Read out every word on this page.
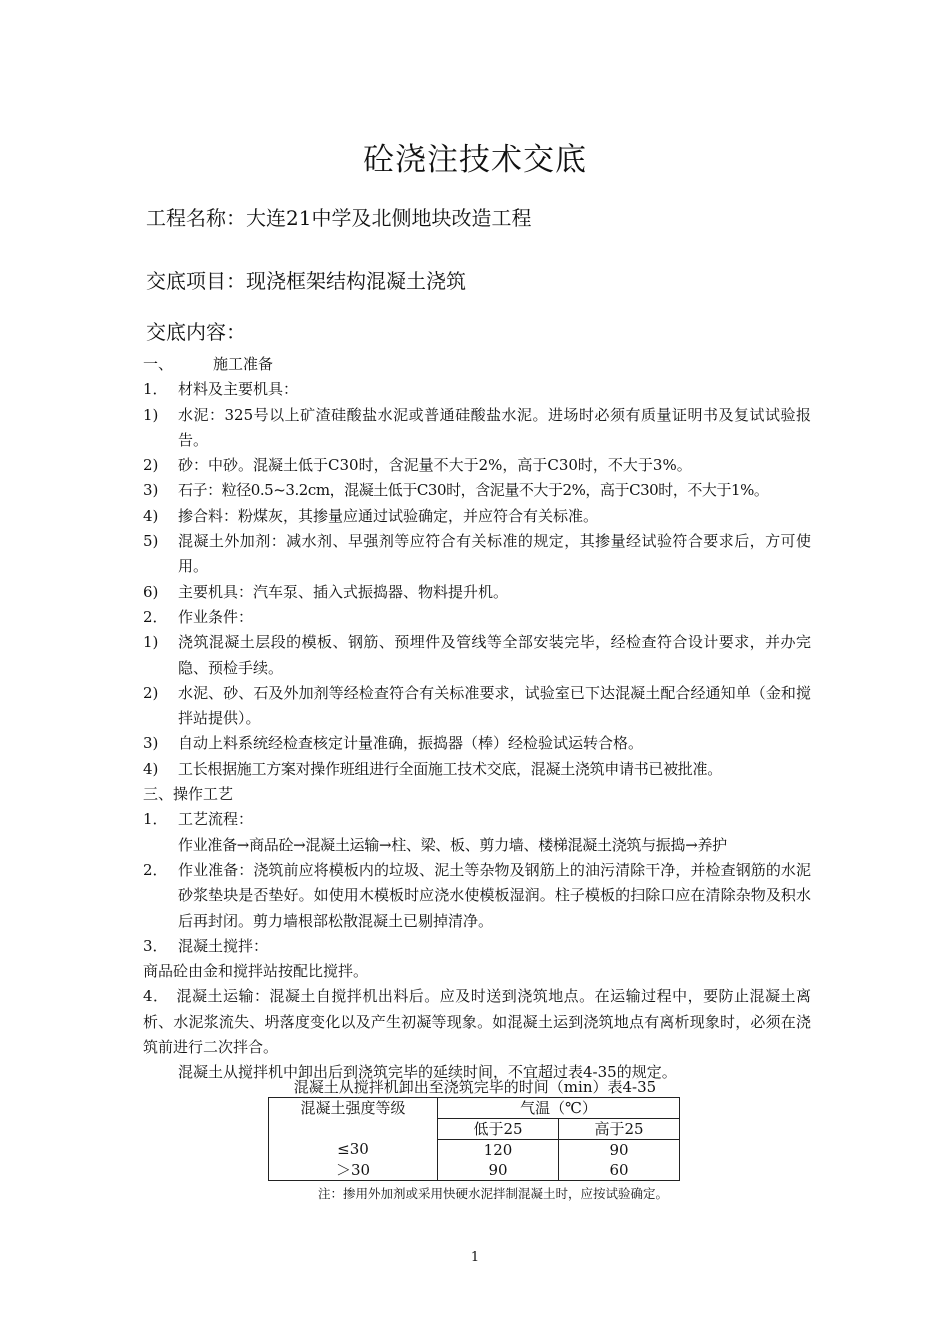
砼浇注技术交底
工程名称：大连21中学及北侧地块改造工程
交底项目：现浇框架结构混凝土浇筑
交底内容：
一、	施工准备
1． 材料及主要机具：
1) 水泥：325号以上矿渣硅酸盐水泥或普通硅酸盐水泥。进场时必须有质量证明书及复试试验报告。
2) 砂：中砂。混凝土低于C30时，含泥量不大于2%，高于C30时，不大于3%。
3) 石子：粒径0.5~3.2cm，混凝土低于C30时，含泥量不大于2%，高于C30时，不大于1%。
4) 掺合料：粉煤灰，其掺量应通过试验确定，并应符合有关标准。
5) 混凝土外加剂：减水剂、早强剂等应符合有关标准的规定，其掺量经试验符合要求后，方可使用。
6) 主要机具：汽车泵、插入式振捣器、物料提升机。
2． 作业条件：
1) 浇筑混凝土层段的模板、钢筋、预埋件及管线等全部安装完毕，经检查符合设计要求，并办完隐、预检手续。
2) 水泥、砂、石及外加剂等经检查符合有关标准要求，试验室已下达混凝土配合经通知单（金和搅拌站提供）。
3) 自动上料系统经检查核定计量准确，振捣器（棒）经检验试运转合格。
4) 工长根据施工方案对操作班组进行全面施工技术交底，混凝土浇筑申请书已被批准。
三、操作工艺
1． 工艺流程：
作业准备→商品砼→混凝土运输→柱、梁、板、剪力墙、楼梯混凝土浇筑与振捣→养护
2． 作业准备：浇筑前应将模板内的垃圾、泥土等杂物及钢筋上的油污清除干净，并检查钢筋的水泥砂浆垫块是否垫好。如使用木模板时应浇水使模板湿润。柱子模板的扫除口应在清除杂物及积水后再封闭。剪力墙根部松散混凝土已剔掉清净。
3． 混凝土搅拌：
商品砼由金和搅拌站按配比搅拌。
4．　混凝土运输：混凝土自搅拌机出料后。应及时送到浇筑地点。在运输过程中，要防止混凝土离析、水泥浆流失、坍落度变化以及产生初凝等现象。如混凝土运到浇筑地点有离析现象时，必须在浇筑前进行二次拌合。
混凝土从搅拌机中卸出后到浇筑完毕的延续时间，不宜超过表4-35的规定。
混凝土从搅拌机卸出至浇筑完毕的时间（min）表4-35
混凝土强度等级	气温（℃）	
	低于25	高于25
≤30	120	90
＞30	90	60
注：掺用外加剂或采用快硬水泥拌制混凝土时，应按试验确定。
1
